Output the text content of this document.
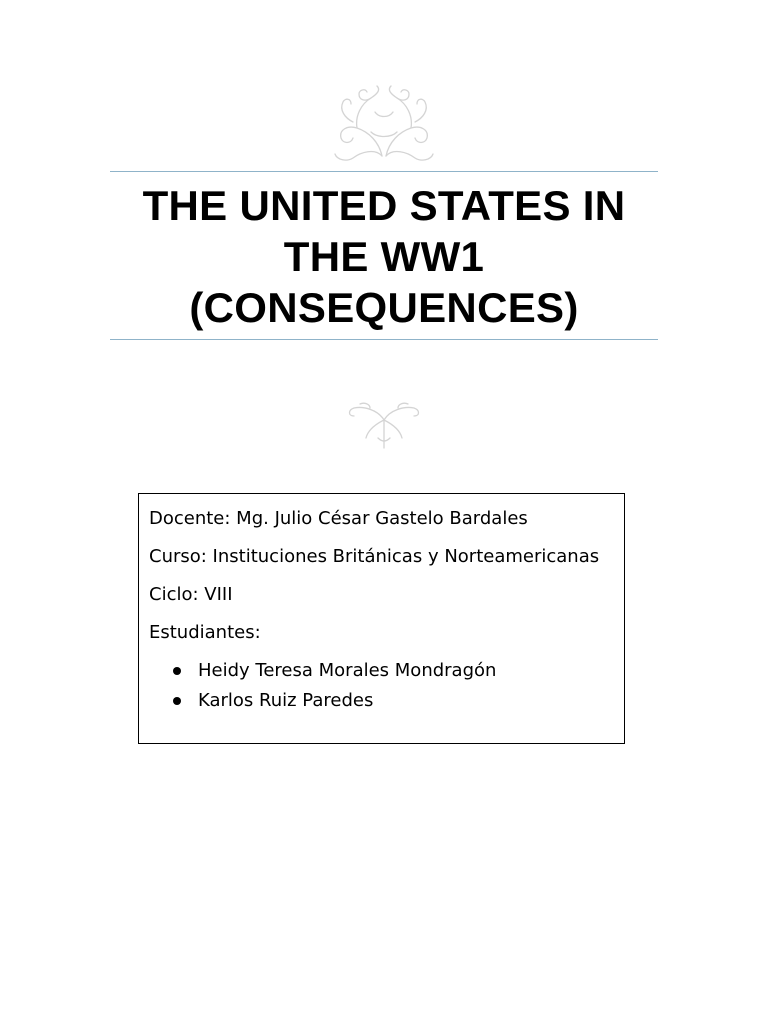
THE UNITED STATES IN
THE WW1
(CONSEQUENCES)
Docente: Mg. Julio César Gastelo Bardales
Curso: Instituciones Británicas y Norteamericanas
Ciclo: VIII
Estudiantes:
Heidy Teresa Morales Mondragón
Karlos Ruiz Paredes
